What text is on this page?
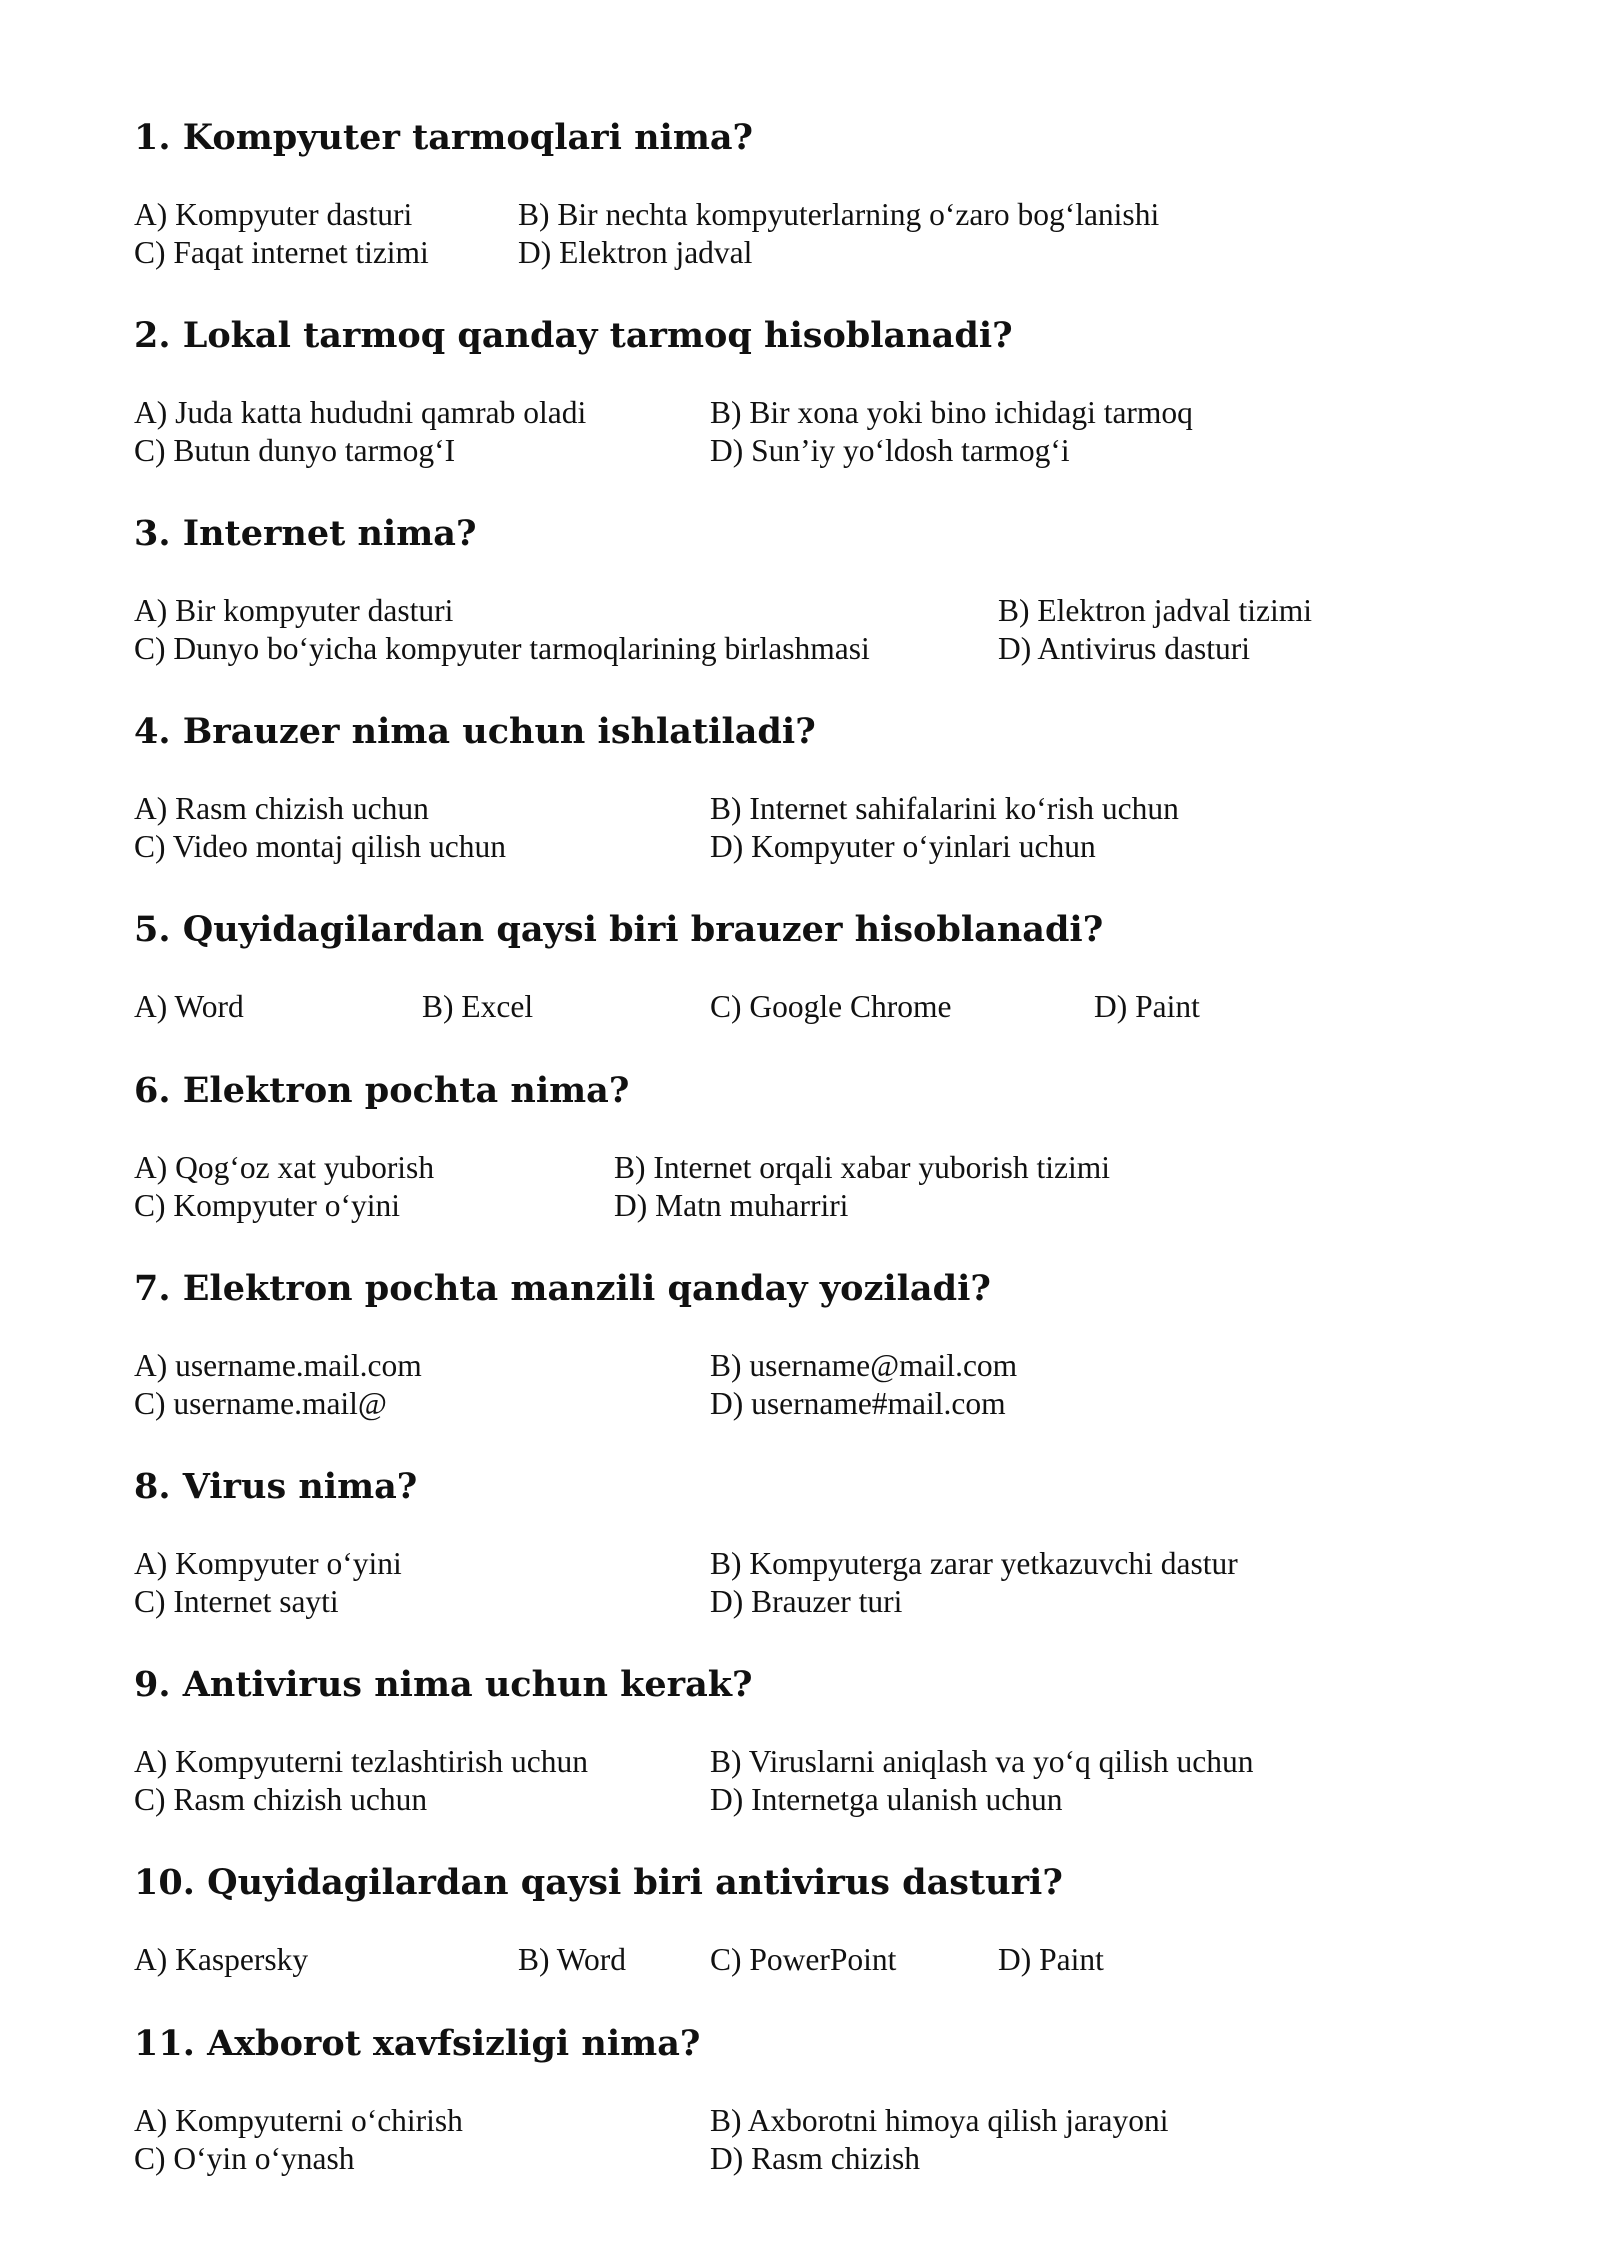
1. Kompyuter tarmoqlari nima?
A) Kompyuter dasturi	B) Bir nechta kompyuterlarning o‘zaro bog‘lanishi
C) Faqat internet tizimi	D) Elektron jadval
2. Lokal tarmoq qanday tarmoq hisoblanadi?
A) Juda katta hududni qamrab oladi	B) Bir xona yoki bino ichidagi tarmoq
C) Butun dunyo tarmog‘I	D) Sun’iy yo‘ldosh tarmog‘i
3. Internet nima?
A) Bir kompyuter dasturi	B) Elektron jadval tizimi
C) Dunyo bo‘yicha kompyuter tarmoqlarining birlashmasi	D) Antivirus dasturi
4. Brauzer nima uchun ishlatiladi?
A) Rasm chizish uchun	B) Internet sahifalarini ko‘rish uchun
C) Video montaj qilish uchun	D) Kompyuter o‘yinlari uchun
5. Quyidagilardan qaysi biri brauzer hisoblanadi?
A) Word	B) Excel	C) Google Chrome	D) Paint
6. Elektron pochta nima?
A) Qog‘oz xat yuborish	B) Internet orqali xabar yuborish tizimi
C) Kompyuter o‘yini	D) Matn muharriri
7. Elektron pochta manzili qanday yoziladi?
A) username.mail.com	B) username@mail.com
C) username.mail@	D) username#mail.com
8. Virus nima?
A) Kompyuter o‘yini	B) Kompyuterga zarar yetkazuvchi dastur
C) Internet sayti	D) Brauzer turi
9. Antivirus nima uchun kerak?
A) Kompyuterni tezlashtirish uchun	B) Viruslarni aniqlash va yo‘q qilish uchun
C) Rasm chizish uchun	D) Internetga ulanish uchun
10. Quyidagilardan qaysi biri antivirus dasturi?
A) Kaspersky	B) Word	C) PowerPoint	D) Paint
11. Axborot xavfsizligi nima?
A) Kompyuterni o‘chirish	B) Axborotni himoya qilish jarayoni
C) O‘yin o‘ynash	D) Rasm chizish
